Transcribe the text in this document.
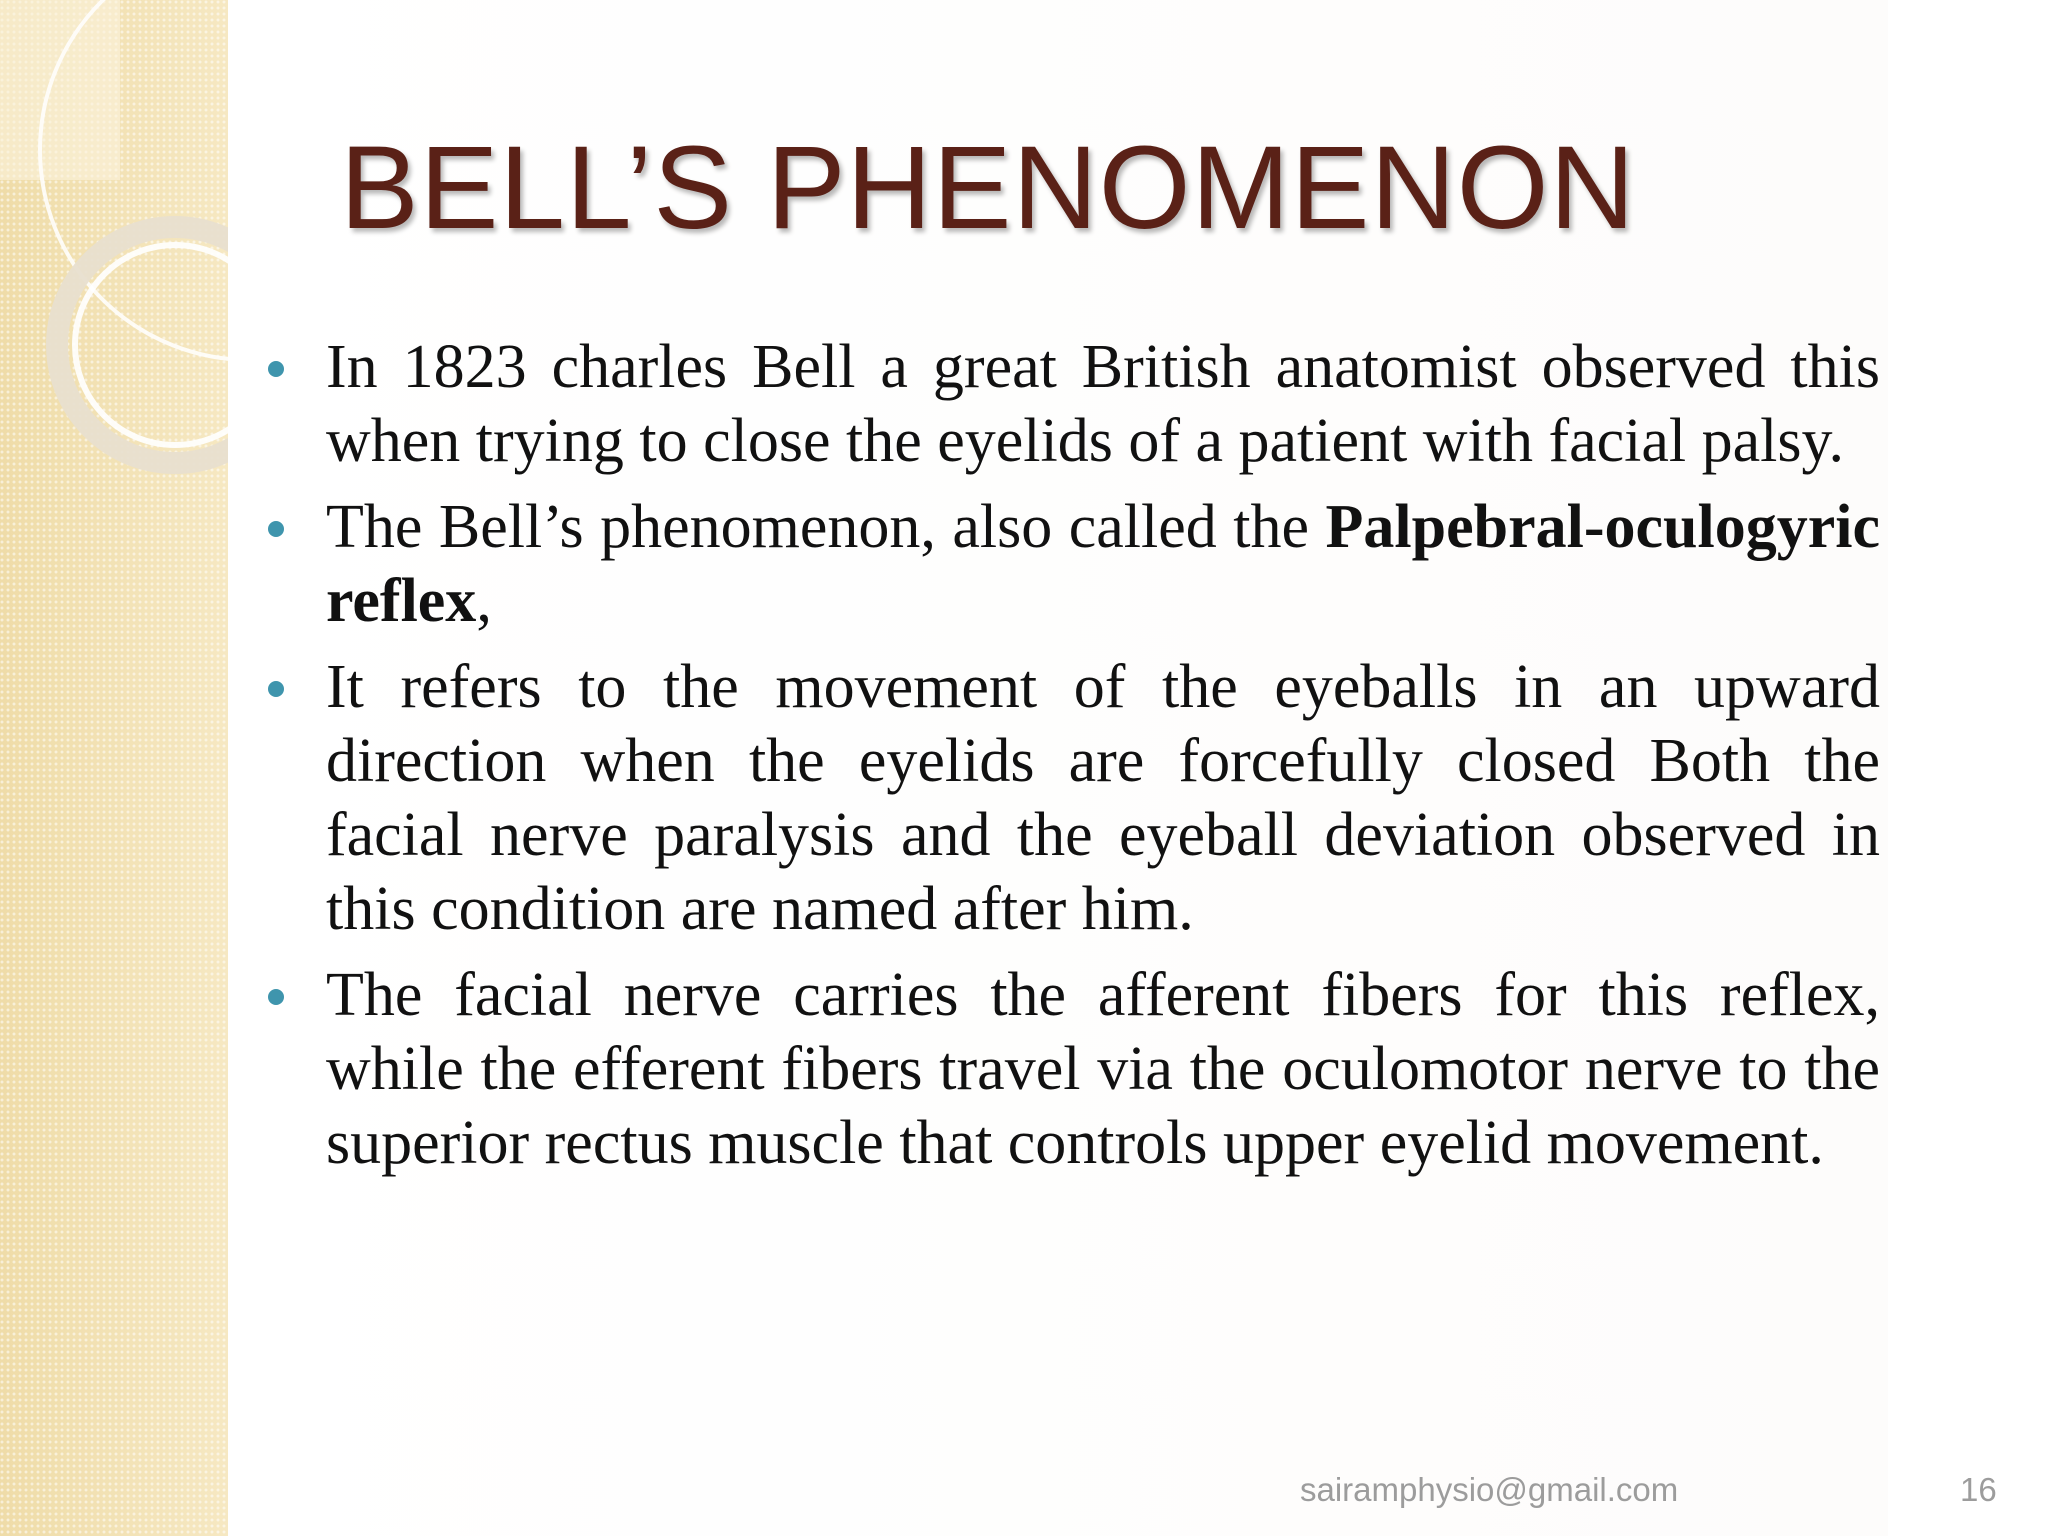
BELL’S PHENOMENON
In 1823 charles Bell a great British anatomist observed this when trying to close the eyelids of a patient with facial palsy.
The Bell’s phenomenon, also called the Palpebral-oculogyric reflex,
It refers to the movement of the eyeballs in an upward direction when the eyelids are forcefully closed Both the facial nerve paralysis and the eyeball deviation observed in this condition are named after him.
The facial nerve carries the afferent fibers for this reflex, while the efferent fibers travel via the oculomotor nerve to the superior rectus muscle that controls upper eyelid movement.
sairamphysio@gmail.com	16
